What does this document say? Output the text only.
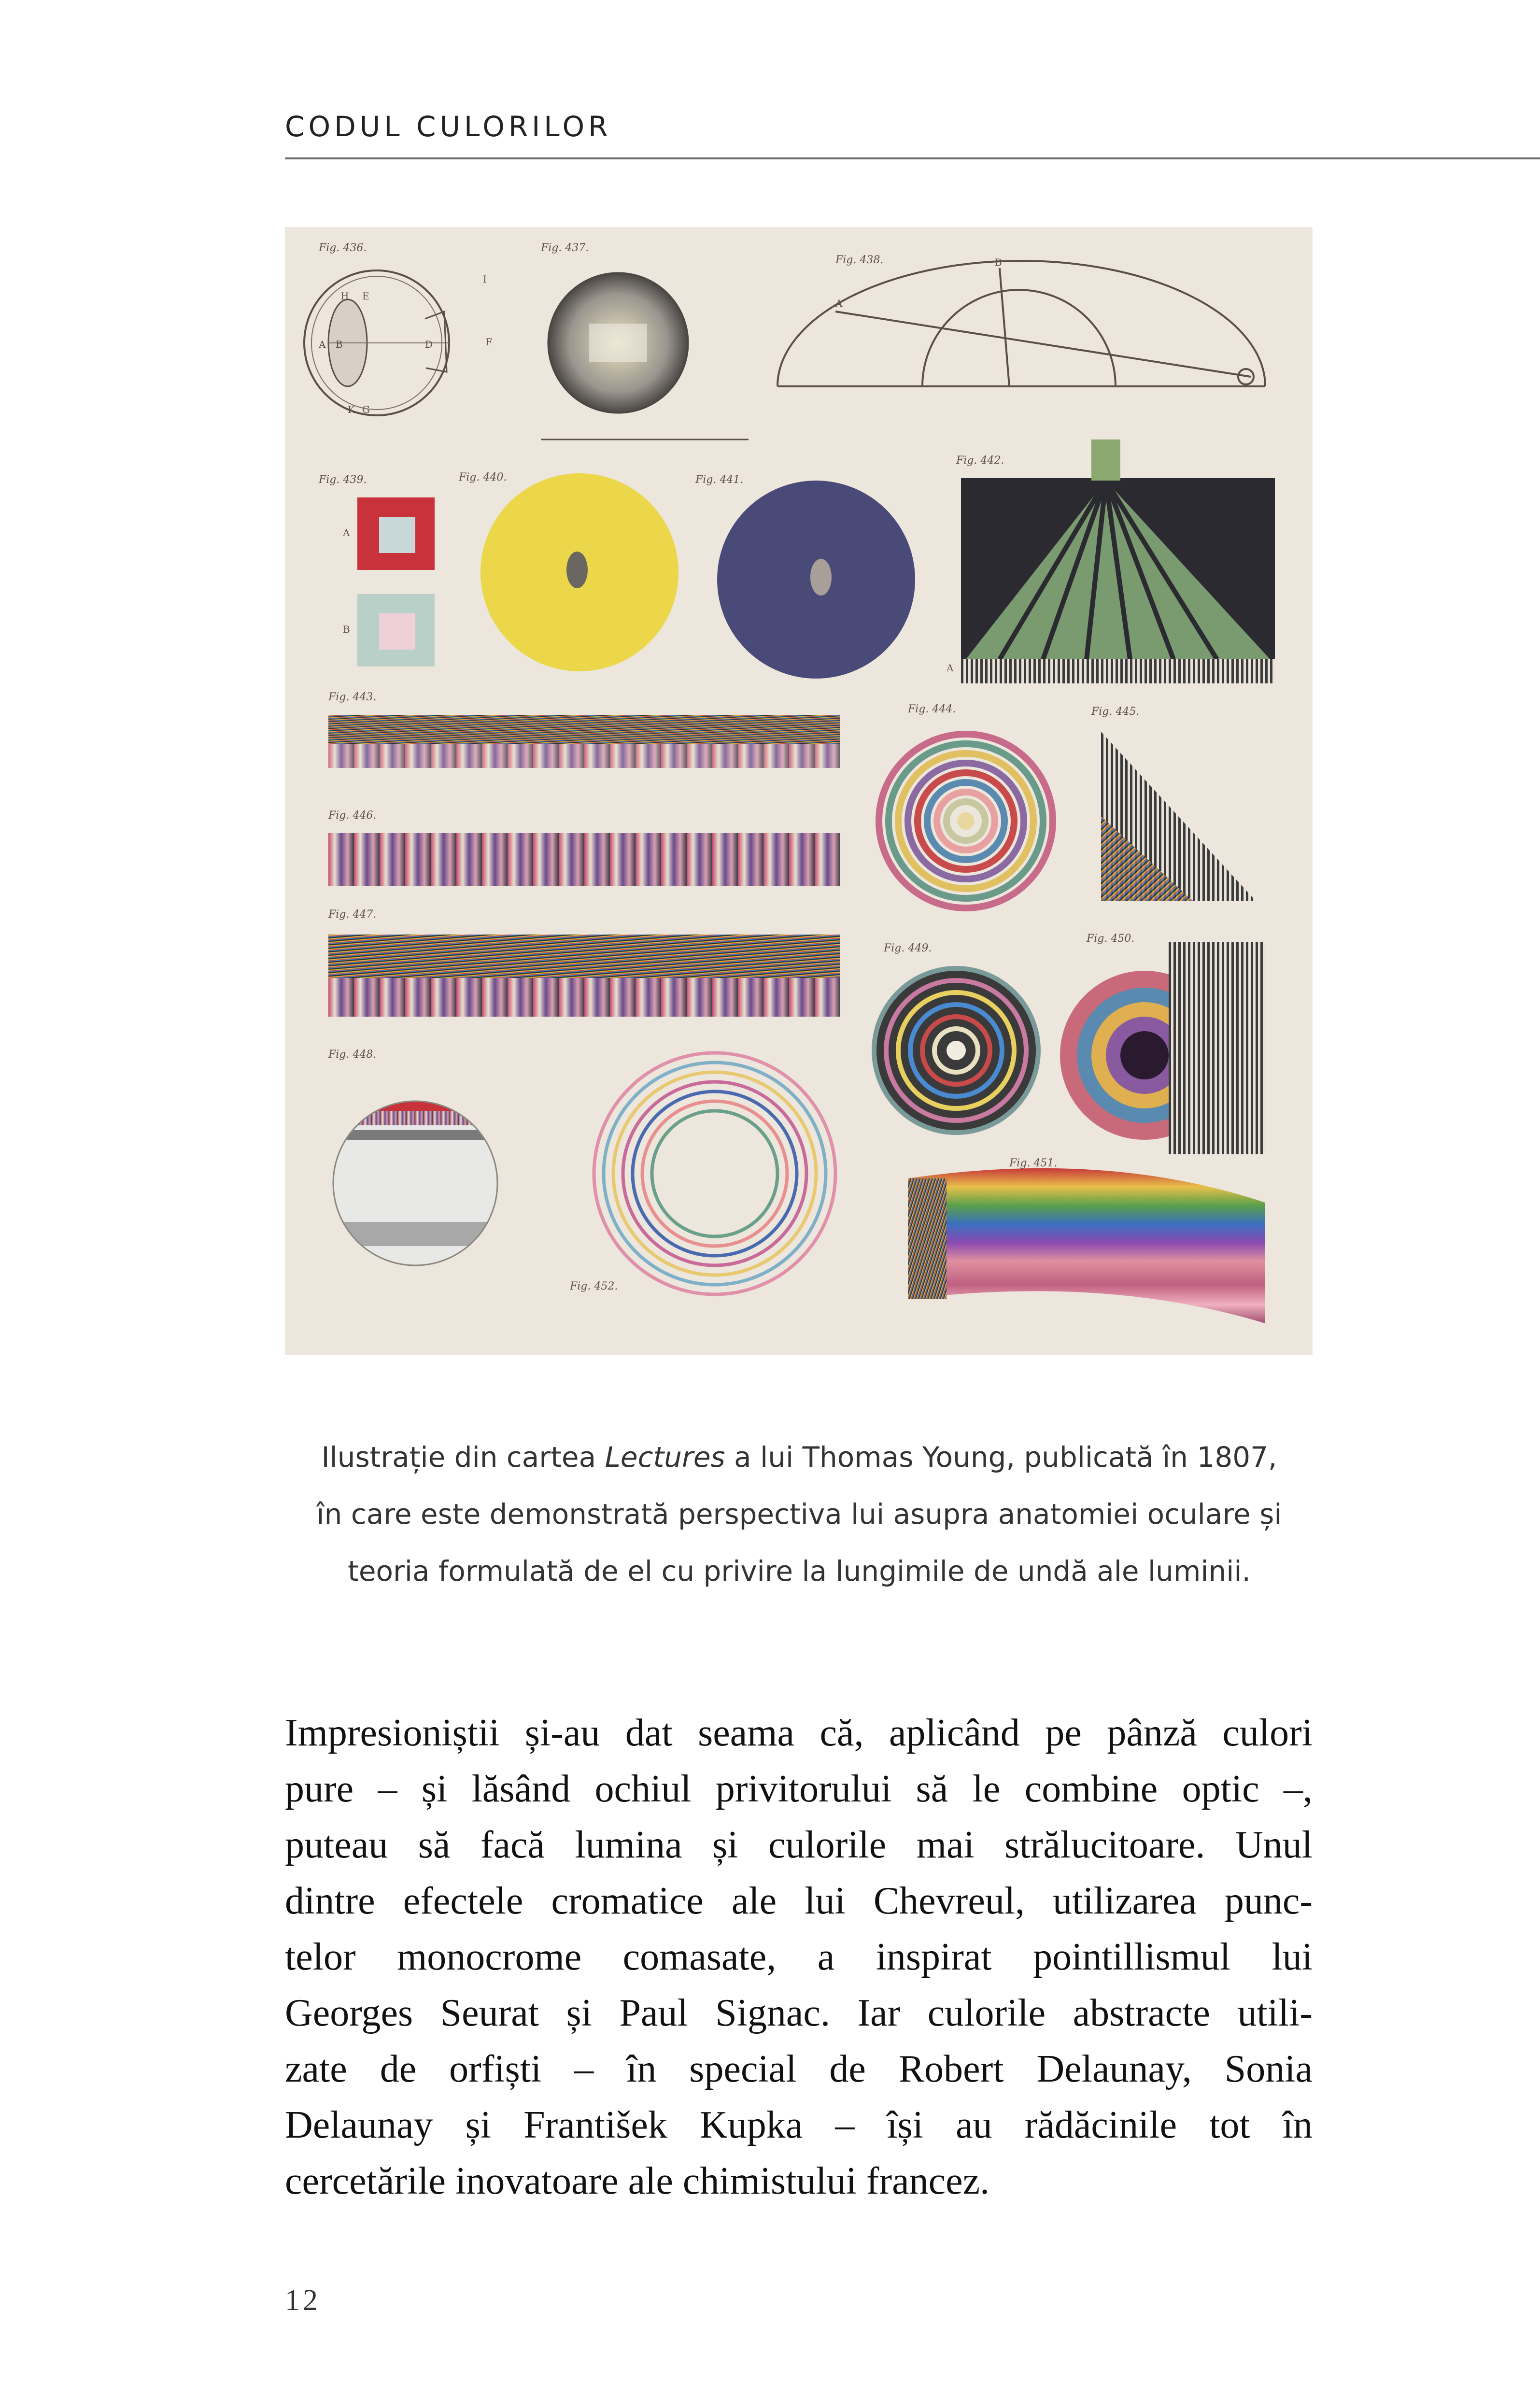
CODUL CULORILOR
Fig. 436.	Fig. 437.
Fig. 438.
Fig. 439.	Fig. 440.	Fig. 441.
Fig. 442.
Fig. 443.
Fig. 444.	Fig. 445.
Fig. 446.
Fig. 447.
Fig. 448.
Fig. 449.
Fig. 450.
Fig. 451.
Fig. 452.
H E
I
A B	D	F
G
K
A
B
A
A
B

Ilustrație din cartea Lectures a lui Thomas Young, publicată în 1807,

în care este demonstrată perspectiva lui asupra anatomiei oculare și

teoria formulată de el cu privire la lungimile de undă ale luminii.

Impresioniștii și-au dat seama că, aplicând pe pânză culori

pure – și lăsând ochiul privitorului să le combine optic –,

puteau să facă lumina și culorile mai strălucitoare. Unul

dintre efectele cromatice ale lui Chevreul, utilizarea punc-

telor monocrome comasate, a inspirat pointillismul lui

Georges Seurat și Paul Signac. Iar culorile abstracte utili-

zate de orfiști – în special de Robert Delaunay, Sonia

Delaunay și František Kupka – își au rădăcinile tot în

cercetările inovatoare ale chimistului francez.

12
